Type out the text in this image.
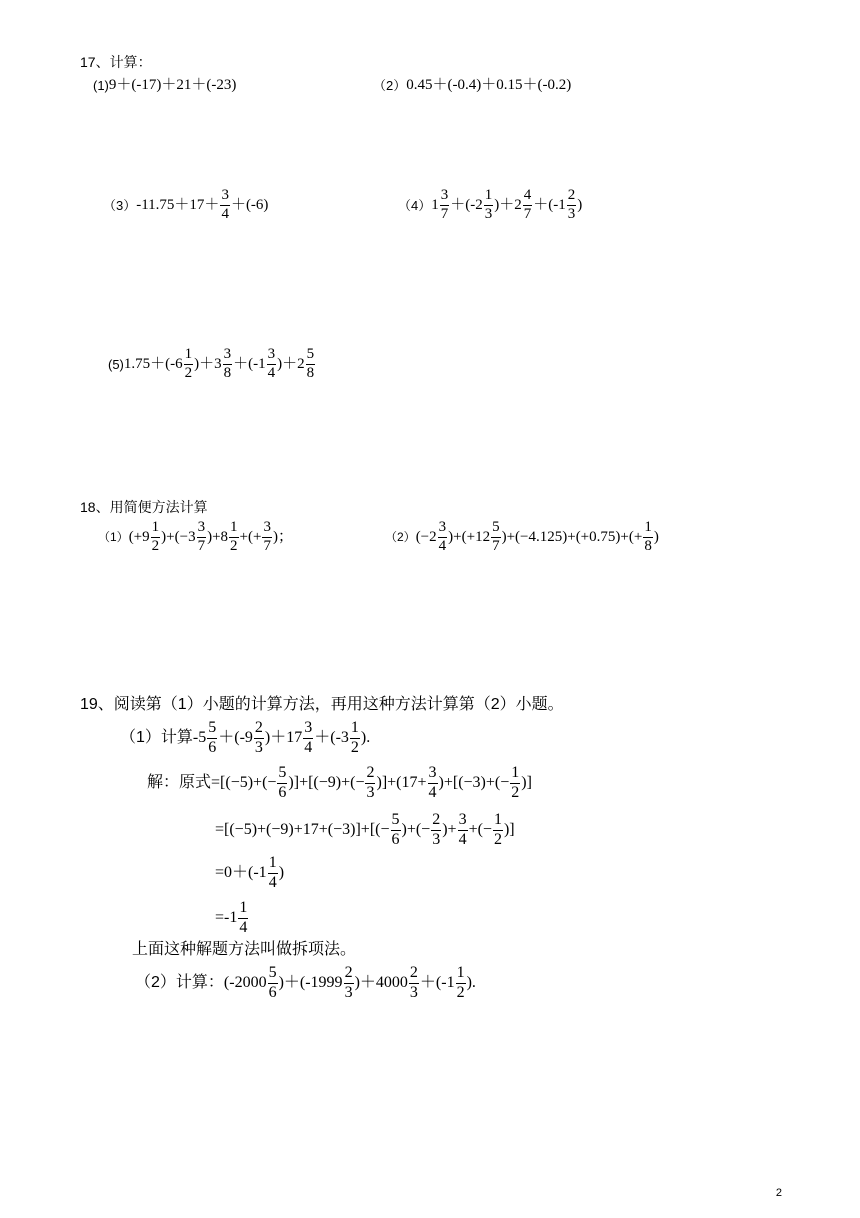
17、计算：
(1) 9＋(-17)＋21＋(-23)	（2） 0.45＋(-0.4)＋0.15＋(-0.2)
（3） $-11.75+17+ \frac{3}{4} +(-6)$	（4） $1 \frac{3}{7} +(-2 \frac{1}{3} )+2 \frac{4}{7} +(-1 \frac{2}{3}$ )
(5) $1.75+(-6 \frac{1}{2} )+3 \frac{3}{8} +(-1 \frac{3}{4} )+2 \frac{5}{8}$
18、用简便方法计算
（1） $(+9 \frac{1}{2} )+(-3 \frac{3}{7} )+8 \frac{1}{2}$ +(+ $\frac{3}{7}$ )；	（2） $(-2 \frac{3}{4} )+(+12 \frac{5}{7} )+(-4.125)+(+0.75)+(+ \frac{1}{8}$ )
19、阅读第（1）小题的计算方法，再用这种方法计算第（2）小题。
（1）计算 $-5 \frac{5}{6} +(-9 \frac{2}{3} )+17 \frac{3}{4} +(-3 \frac{1}{2}$ ).
解：原式 $=[(-5)+(- \frac{5}{6} )]+[(-9)+(- \frac{2}{3} )]+(17+ \frac{3}{4} )+[(-3)+(- \frac{1}{2}$ )]
$=[(-5)+(-9)+17+(-3)]+[(- \frac{5}{6}$ )+(− $\frac{2}{3}$ )+ $\frac{3}{4}$ +(− $\frac{1}{2}$ )]
$=0+(-1 \frac{1}{4}$ )
$=-1 \frac{1}{4}$
上面这种解题方法叫做拆项法。
（2）计算： $(-2000 \frac{5}{6} )+(-1999 \frac{2}{3} )+4000 \frac{2}{3} +(-1 \frac{1}{2}$ ).
2
